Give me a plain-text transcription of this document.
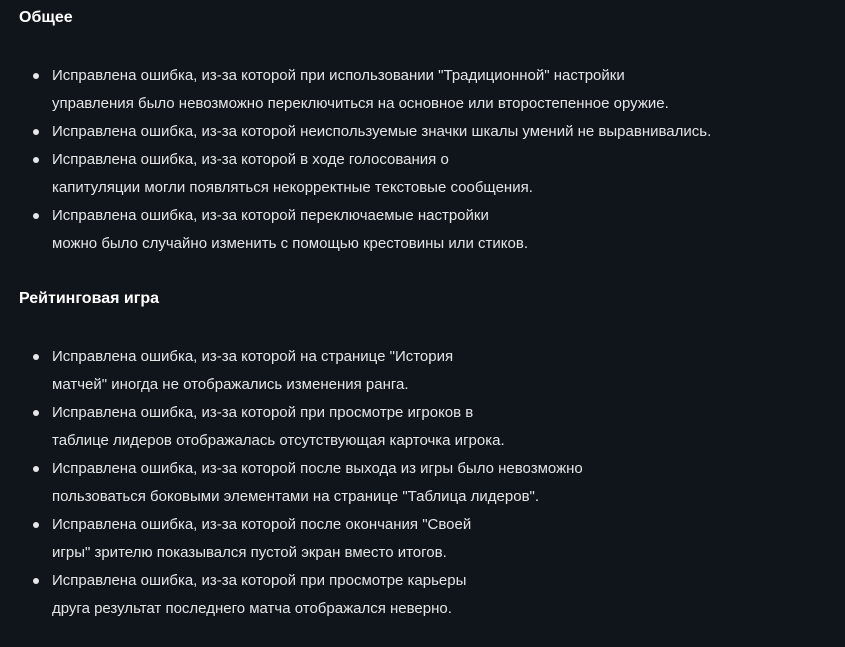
Общее
Исправлена ошибка, из-за которой при использовании "Традиционной" настройки
управления было невозможно переключиться на основное или второстепенное оружие.
Исправлена ошибка, из-за которой неиспользуемые значки шкалы умений не выравнивались.
Исправлена ошибка, из-за которой в ходе голосования о
капитуляции могли появляться некорректные текстовые сообщения.
Исправлена ошибка, из-за которой переключаемые настройки
можно было случайно изменить с помощью крестовины или стиков.
Рейтинговая игра
Исправлена ошибка, из-за которой на странице "История
матчей" иногда не отображались изменения ранга.
Исправлена ошибка, из-за которой при просмотре игроков в
таблице лидеров отображалась отсутствующая карточка игрока.
Исправлена ошибка, из-за которой после выхода из игры было невозможно
пользоваться боковыми элементами на странице "Таблица лидеров".
Исправлена ошибка, из-за которой после окончания "Своей
игры" зрителю показывался пустой экран вместо итогов.
Исправлена ошибка, из-за которой при просмотре карьеры
друга результат последнего матча отображался неверно.
